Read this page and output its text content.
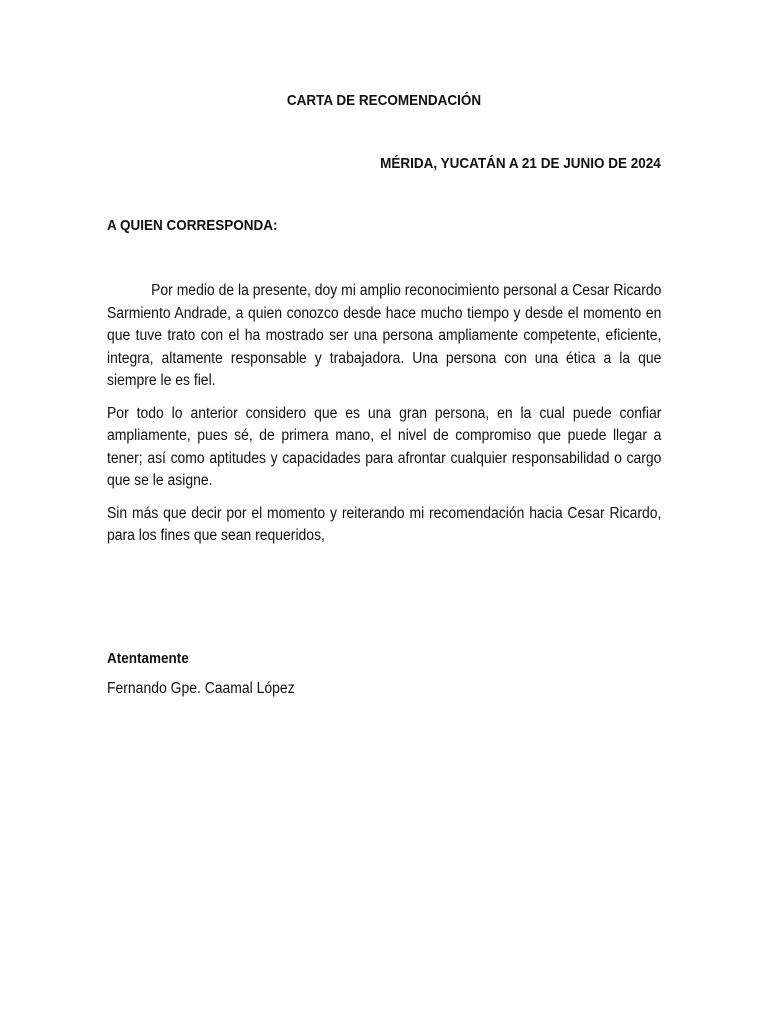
CARTA DE RECOMENDACIÓN
MÉRIDA, YUCATÁN A 21 DE JUNIO DE 2024
A QUIEN CORRESPONDA:

Por medio de la presente, doy mi amplio reconocimiento personal a Cesar Ricardo Sarmiento Andrade, a quien conozco desde hace mucho tiempo y desde el momento en que tuve trato con el ha mostrado ser una persona ampliamente competente, eficiente, integra, altamente responsable y trabajadora. Una persona con una ética a la que siempre le es fiel.

Por todo lo anterior considero que es una gran persona, en la cual puede confiar ampliamente, pues sé, de primera mano, el nivel de compromiso que puede llegar a tener; así como aptitudes y capacidades para afrontar cualquier responsabilidad o cargo que se le asigne.

Sin más que decir por el momento y reiterando mi recomendación hacia Cesar Ricardo, para los fines que sean requeridos,

Atentamente
Fernando Gpe. Caamal López
